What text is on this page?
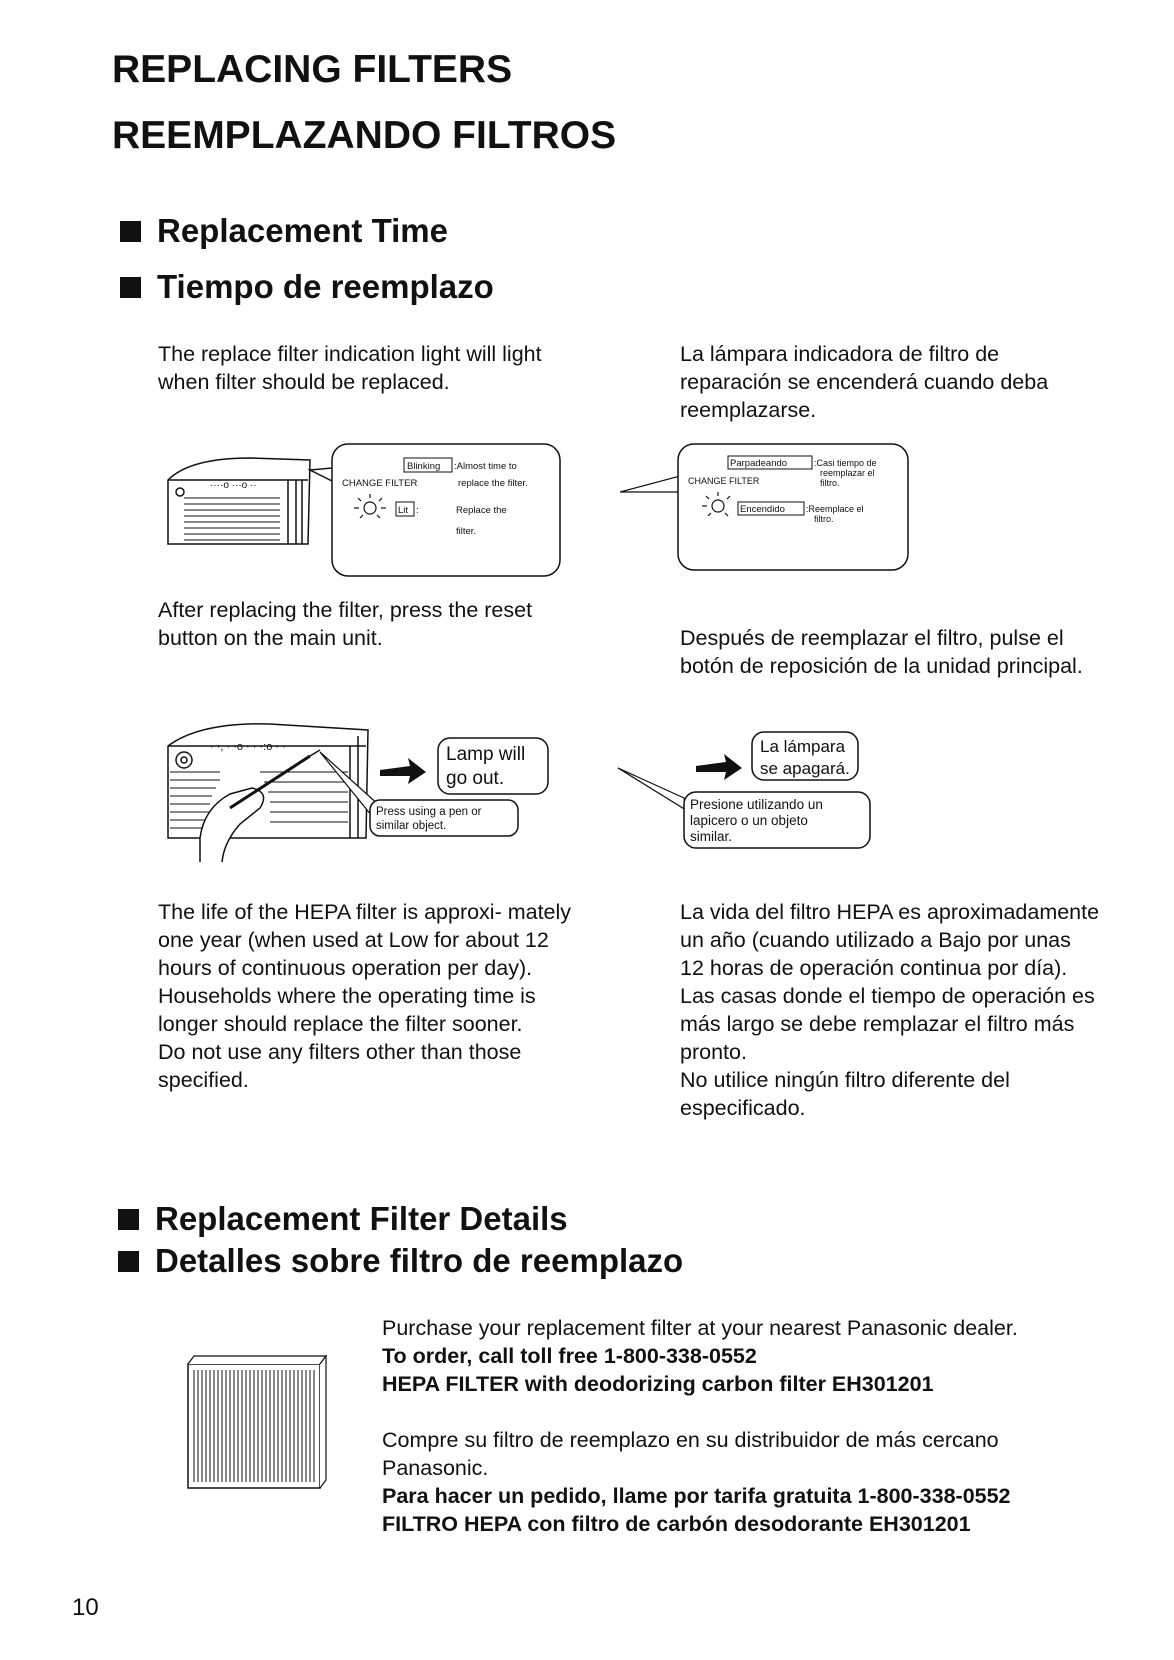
REPLACING FILTERS
REEMPLAZANDO FILTROS
Replacement Time
Tiempo de reemplazo

The replace filter indication light will light when filter should be replaced.

La lámpara indicadora de filtro de reparación se encenderá cuando deba reemplazarse.

····o ···o ··
Blinking :Almost time to
replace the filter.
CHANGE FILTER
Lit :	Replace the
filter.
Parpadeando	:Casi tiempo de
reemplazar el
filtro.
CHANGE FILTER
Encendido :Reemplace el
filtro.

After replacing the filter, press the reset button on the main unit.	Después de reemplazar el filtro, pulse el botón de reposición de la unidad principal.

· ·, · ·o · · ·:o · ·	Lamp will
go out.
Press using a pen or
similar object.
La lámpara
se apagará.
Presione utilizando un
lapicero o un objeto
similar.

The life of the HEPA filter is approxi- mately one year (when used at Low for about 12 hours of continuous operation per day).

Households where the operating time is longer should replace the filter sooner.

Do not use any filters other than those specified.

La vida del filtro HEPA es aproximadamente un año (cuando utilizado a Bajo por unas 12 horas de operación continua por día).

Las casas donde el tiempo de operación es más largo se debe remplazar el filtro más pronto.

No utilice ningún filtro diferente del especificado.

Replacement Filter Details
Detalles sobre filtro de reemplazo

Purchase your replacement filter at your nearest Panasonic dealer.

To order, call toll free 1-800-338-0552

HEPA FILTER with deodorizing carbon filter EH301201

Compre su filtro de reemplazo en su distribuidor de más cercano Panasonic.

Para hacer un pedido, llame por tarifa gratuita 1-800-338-0552

FILTRO HEPA con filtro de carbón desodorante EH301201

10
